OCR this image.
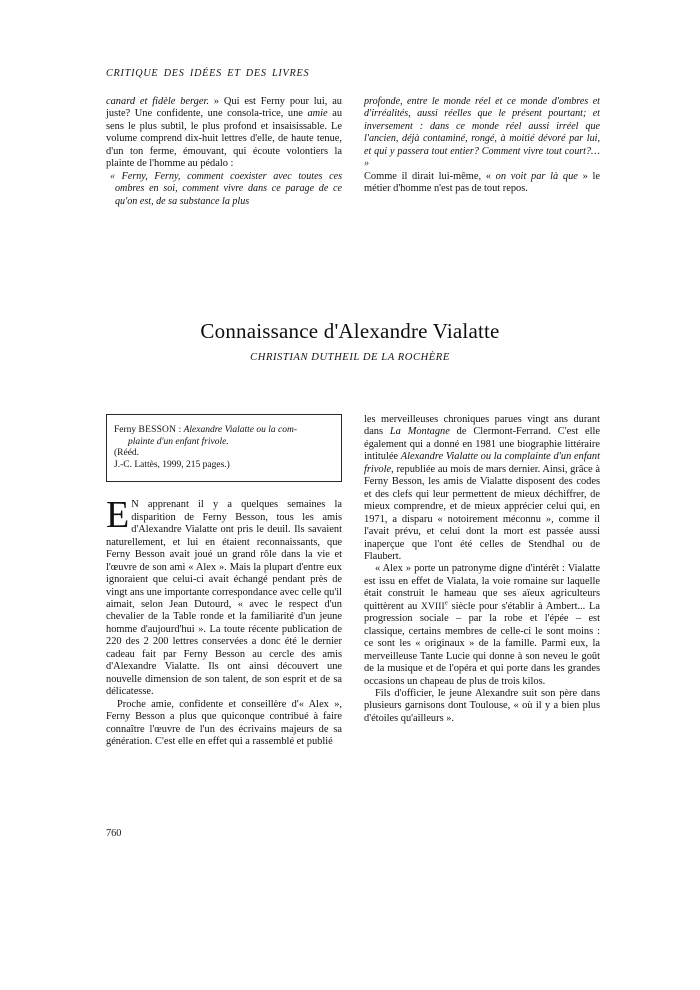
CRITIQUE DES IDÉES ET DES LIVRES

canard et fidèle berger. » Qui est Ferny pour lui, au juste? Une confidente, une consola-trice, une amie au sens le plus subtil, le plus profond et insaisissable. Le volume comprend dix-huit lettres d'elle, de haute tenue, d'un ton ferme, émouvant, qui écoute volontiers la plainte de l'homme au pédalo :

« Ferny, Ferny, comment coexister avec toutes ces ombres en soi, comment vivre dans ce parage de ce qu'on est, de sa substance la plus

profonde, entre le monde réel et ce monde d'ombres et d'irréalités, aussi réelles que le présent pourtant; et inversement : dans ce monde réel aussi irréel que l'ancien, déjà contaminé, rongé, à moitié dévoré par lui, et qui y passera tout entier? Comment vivre tout court?… »

Comme il dirait lui-même, « on voit par là que » le métier d'homme n'est pas de tout repos.

Connaissance d'Alexandre Vialatte
CHRISTIAN DUTHEIL DE LA ROCHÈRE

Ferny BESSON : Alexandre Vialatte ou la com-
plainte d'un enfant frivole.
(Rééd.
J.-C. Lattès, 1999, 215 pages.)

E N apprenant il y a quelques semaines la disparition de Ferny Besson, tous les amis d'Alexandre Vialatte ont pris le deuil. Ils savaient naturellement, et lui en étaient reconnaissants, que Ferny Besson avait joué un grand rôle dans la vie et l'œuvre de son ami « Alex ». Mais la plupart d'entre eux ignoraient que celui-ci avait échangé pendant près de vingt ans une importante correspondance avec celle qu'il aimait, selon Jean Dutourd, « avec le respect d'un chevalier de la Table ronde et la familiarité d'un jeune homme d'aujourd'hui ». La toute récente publication de 220 des 2 200 lettres conservées a donc été le dernier cadeau fait par Ferny Besson au cercle des amis d'Alexandre Vialatte. Ils ont ainsi découvert une nouvelle dimension de son talent, de son esprit et de sa délicatesse.

Proche amie, confidente et conseillère d'« Alex », Ferny Besson a plus que quiconque contribué à faire connaître l'œuvre de l'un des écrivains majeurs de sa génération. C'est elle en effet qui a rassemblé et publié

les merveilleuses chroniques parues vingt ans durant dans La Montagne de Clermont-Ferrand. C'est elle également qui a donné en 1981 une biographie littéraire intitulée Alexandre Vialatte ou la complainte d'un enfant frivole, republiée au mois de mars dernier. Ainsi, grâce à Ferny Besson, les amis de Vialatte disposent des codes et des clefs qui leur permettent de mieux déchiffrer, de mieux comprendre, et de mieux apprécier celui qui, en 1971, a disparu « notoirement méconnu », comme il l'avait prévu, et celui dont la mort est passée aussi inaperçue que l'ont été celles de Stendhal ou de Flaubert.

« Alex » porte un patronyme digne d'intérêt : Vialatte est issu en effet de Vialata, la voie romaine sur laquelle était construit le hameau que ses aïeux agriculteurs quittèrent au XVIIIe siècle pour s'établir à Ambert... La progression sociale – par la robe et l'épée – est classique, certains membres de celle-ci le sont moins : ce sont les « originaux » de la famille. Parmi eux, la merveilleuse Tante Lucie qui donne à son neveu le goût de la musique et de l'opéra et qui porte dans les grandes occasions un chapeau de plus de trois kilos.

Fils d'officier, le jeune Alexandre suit son père dans plusieurs garnisons dont Toulouse, « où il y a bien plus d'étoiles qu'ailleurs ».

760
